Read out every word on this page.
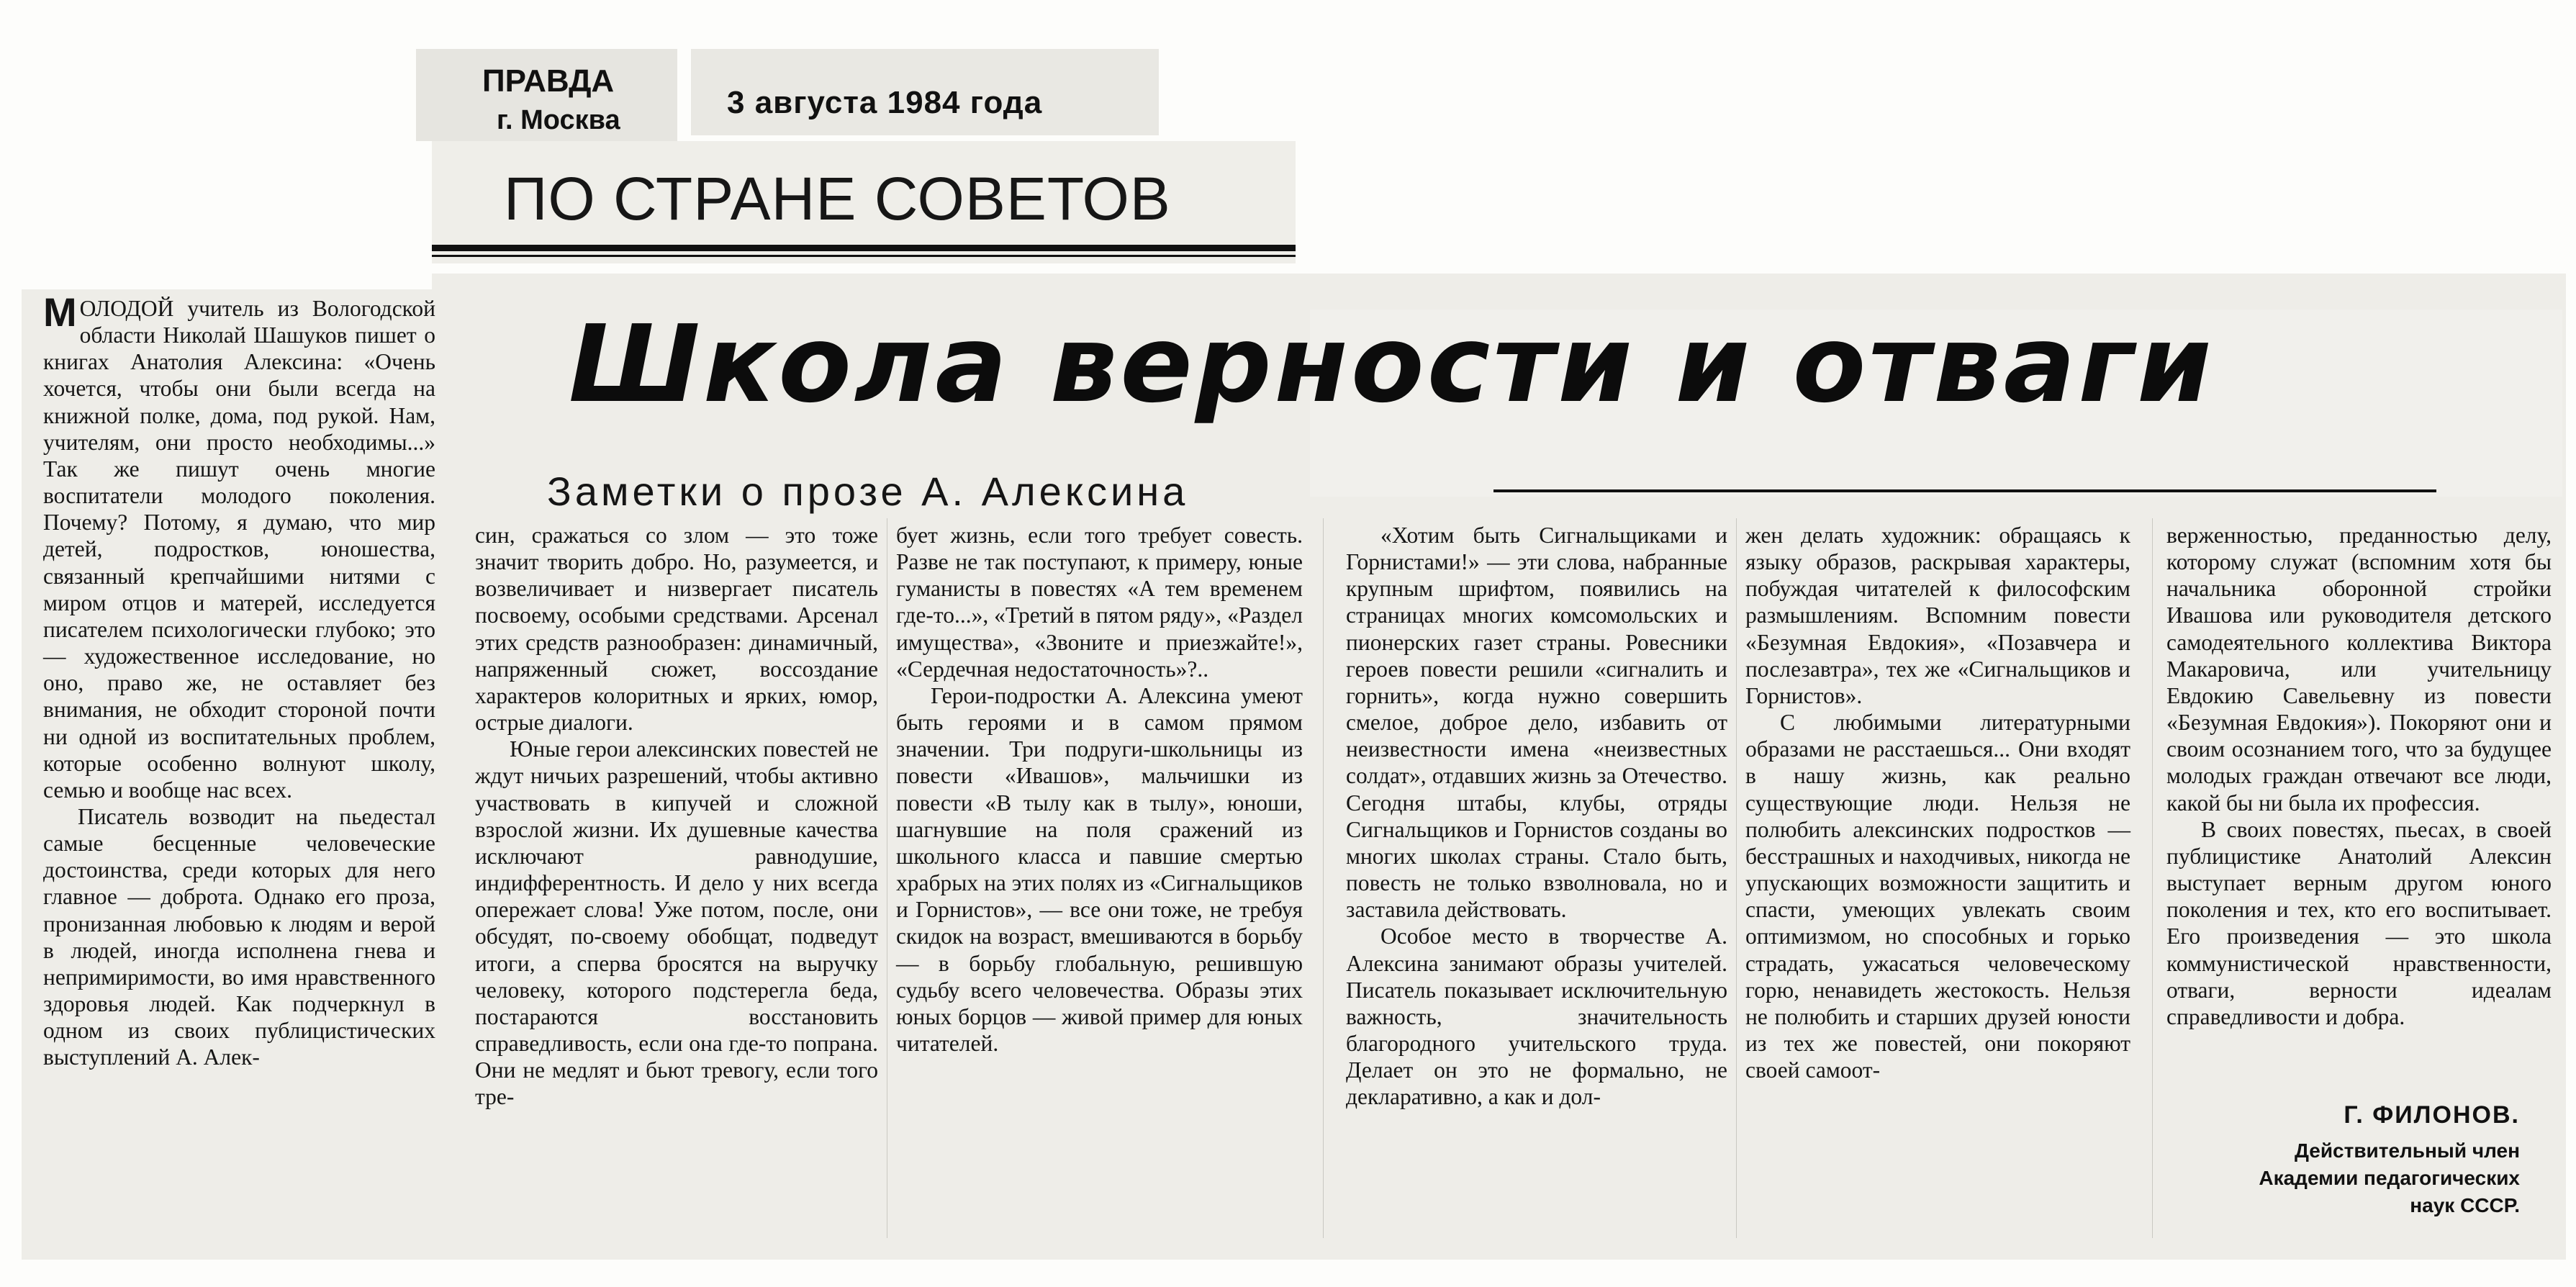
ПРАВДА
г. Москва	3 августа 1984 года
ПО СТРАНЕ СОВЕТОВ
Школа верности и отваги
Заметки о прозе А. Алексина

МОЛОДОЙ учитель из Вологодской области Николай Шашуков пишет о книгах Анатолия Алексина: «Очень хочется, чтобы они были всегда на книжной полке, дома, под рукой. Нам, учителям, они просто необходимы...» Так же пишут очень многие воспитатели молодого поколения. Почему? Потому, я думаю, что мир детей, подростков, юношества, связанный крепчайшими нитями с миром отцов и матерей, исследуется писателем психологически глубоко; это — художественное исследование, но оно, право же, не оставляет без внимания, не обходит стороной почти ни одной из воспитательных проблем, которые особенно волнуют школу, семью и вообще нас всех.

Писатель возводит на пьедестал самые бесценные человеческие достоинства, среди которых для него главное — доброта. Однако его проза, пронизанная любовью к людям и верой в людей, иногда исполнена гнева и непримиримости, во имя нравственного здоровья людей. Как подчеркнул в одном из своих публицистических выступлений А. Алек-

син, сражаться со злом — это тоже значит творить добро. Но, разумеется, и возвеличивает и низвергает писатель посвоему, особыми средствами. Арсенал этих средств разнообразен: динамичный, напряженный сюжет, воссоздание характеров колоритных и ярких, юмор, острые диалоги.

Юные герои алексинских повестей не ждут ничьих разрешений, чтобы активно участвовать в кипучей и сложной взрослой жизни. Их душевные качества исключают равнодушие, индифферентность. И дело у них всегда опережает слова! Уже потом, после, они обсудят, по-своему обобщат, подведут итоги, а сперва бросятся на выручку человеку, которого подстерегла беда, постараются восстановить справедливость, если она где-то попрана. Они не медлят и бьют тревогу, если того тре-

бует жизнь, если того требует совесть. Разве не так поступают, к примеру, юные гуманисты в повестях «А тем временем где-то...», «Третий в пятом ряду», «Раздел имущества», «Звоните и приезжайте!», «Сердечная недостаточность»?..

Герои-подростки А. Алексина умеют быть героями и в самом прямом значении. Три подруги-школьницы из повести «Ивашов», мальчишки из повести «В тылу как в тылу», юноши, шагнувшие на поля сражений из школьного класса и павшие смертью храбрых на этих полях из «Сигнальщиков и Горнистов», — все они тоже, не требуя скидок на возраст, вмешиваются в борьбу — в борьбу глобальную, решившую судьбу всего человечества. Образы этих юных борцов — живой пример для юных читателей.

«Хотим быть Сигнальщиками и Горнистами!» — эти слова, набранные крупным шрифтом, появились на страницах многих комсомольских и пионерских газет страны. Ровесники героев повести решили «сигналить и горнить», когда нужно совершить смелое, доброе дело, избавить от неизвестности имена «неизвестных солдат», отдавших жизнь за Отечество. Сегодня штабы, клубы, отряды Сигнальщиков и Горнистов созданы во многих школах страны. Стало быть, повесть не только взволновала, но и заставила действовать.

Особое место в творчестве А. Алексина занимают образы учителей. Писатель показывает исключительную важность, значительность благородного учительского труда. Делает он это не формально, не декларативно, а как и дол-

жен делать художник: обращаясь к языку образов, раскрывая характеры, побуждая читателей к философским размышлениям. Вспомним повести «Безумная Евдокия», «Позавчера и послезавтра», тех же «Сигнальщиков и Горнистов».

С любимыми литературными образами не расстаешься... Они входят в нашу жизнь, как реально существующие люди. Нельзя не полюбить алексинских подростков — бесстрашных и находчивых, никогда не упускающих возможности защитить и спасти, умеющих увлекать своим оптимизмом, но способных и горько страдать, ужасаться человеческому горю, ненавидеть жестокость. Нельзя не полюбить и старших друзей юности из тех же повестей, они покоряют своей самоот-

верженностью, преданностью делу, которому служат (вспомним хотя бы начальника оборонной стройки Ивашова или руководителя детского самодеятельного коллектива Виктора Макаровича, или учительницу Евдокию Савельевну из повести «Безумная Евдокия»). Покоряют они и своим осознанием того, что за будущее молодых граждан отвечают все люди, какой бы ни была их профессия.

В своих повестях, пьесах, в своей публицистике Анатолий Алексин выступает верным другом юного поколения и тех, кто его воспитывает. Его произведения — это школа коммунистической нравственности, отваги, верности идеалам справедливости и добра.

Г. ФИЛОНОВ.
Действительный член
Академии педагогических
наук СССР.
